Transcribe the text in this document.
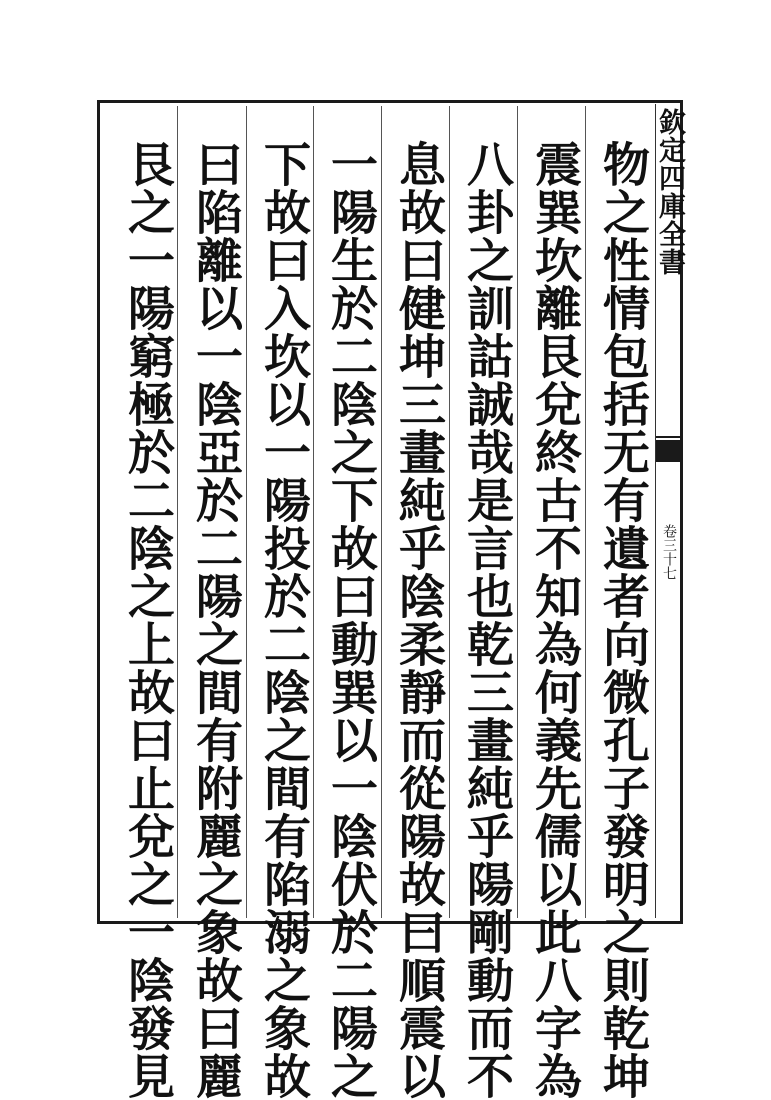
物之性情包括无有遺者向微孔子發明之則乾坤
震巽坎離艮兌終古不知為何義先儒以此八字為
八卦之訓詁誠哉是言也乾三畫純乎陽剛動而不
息故曰健坤三畫純乎陰柔靜而從陽故曰順震以
一陽生於二陰之下故曰動巽以一陰伏於二陽之
下故曰入坎以一陽投於二陰之間有陷溺之象故
曰陷離以一陰亞於二陽之間有附麗之象故曰麗
艮之一陽窮極於二陰之上故曰止兌之一陰發見	欽定四庫全書
卷三十七
